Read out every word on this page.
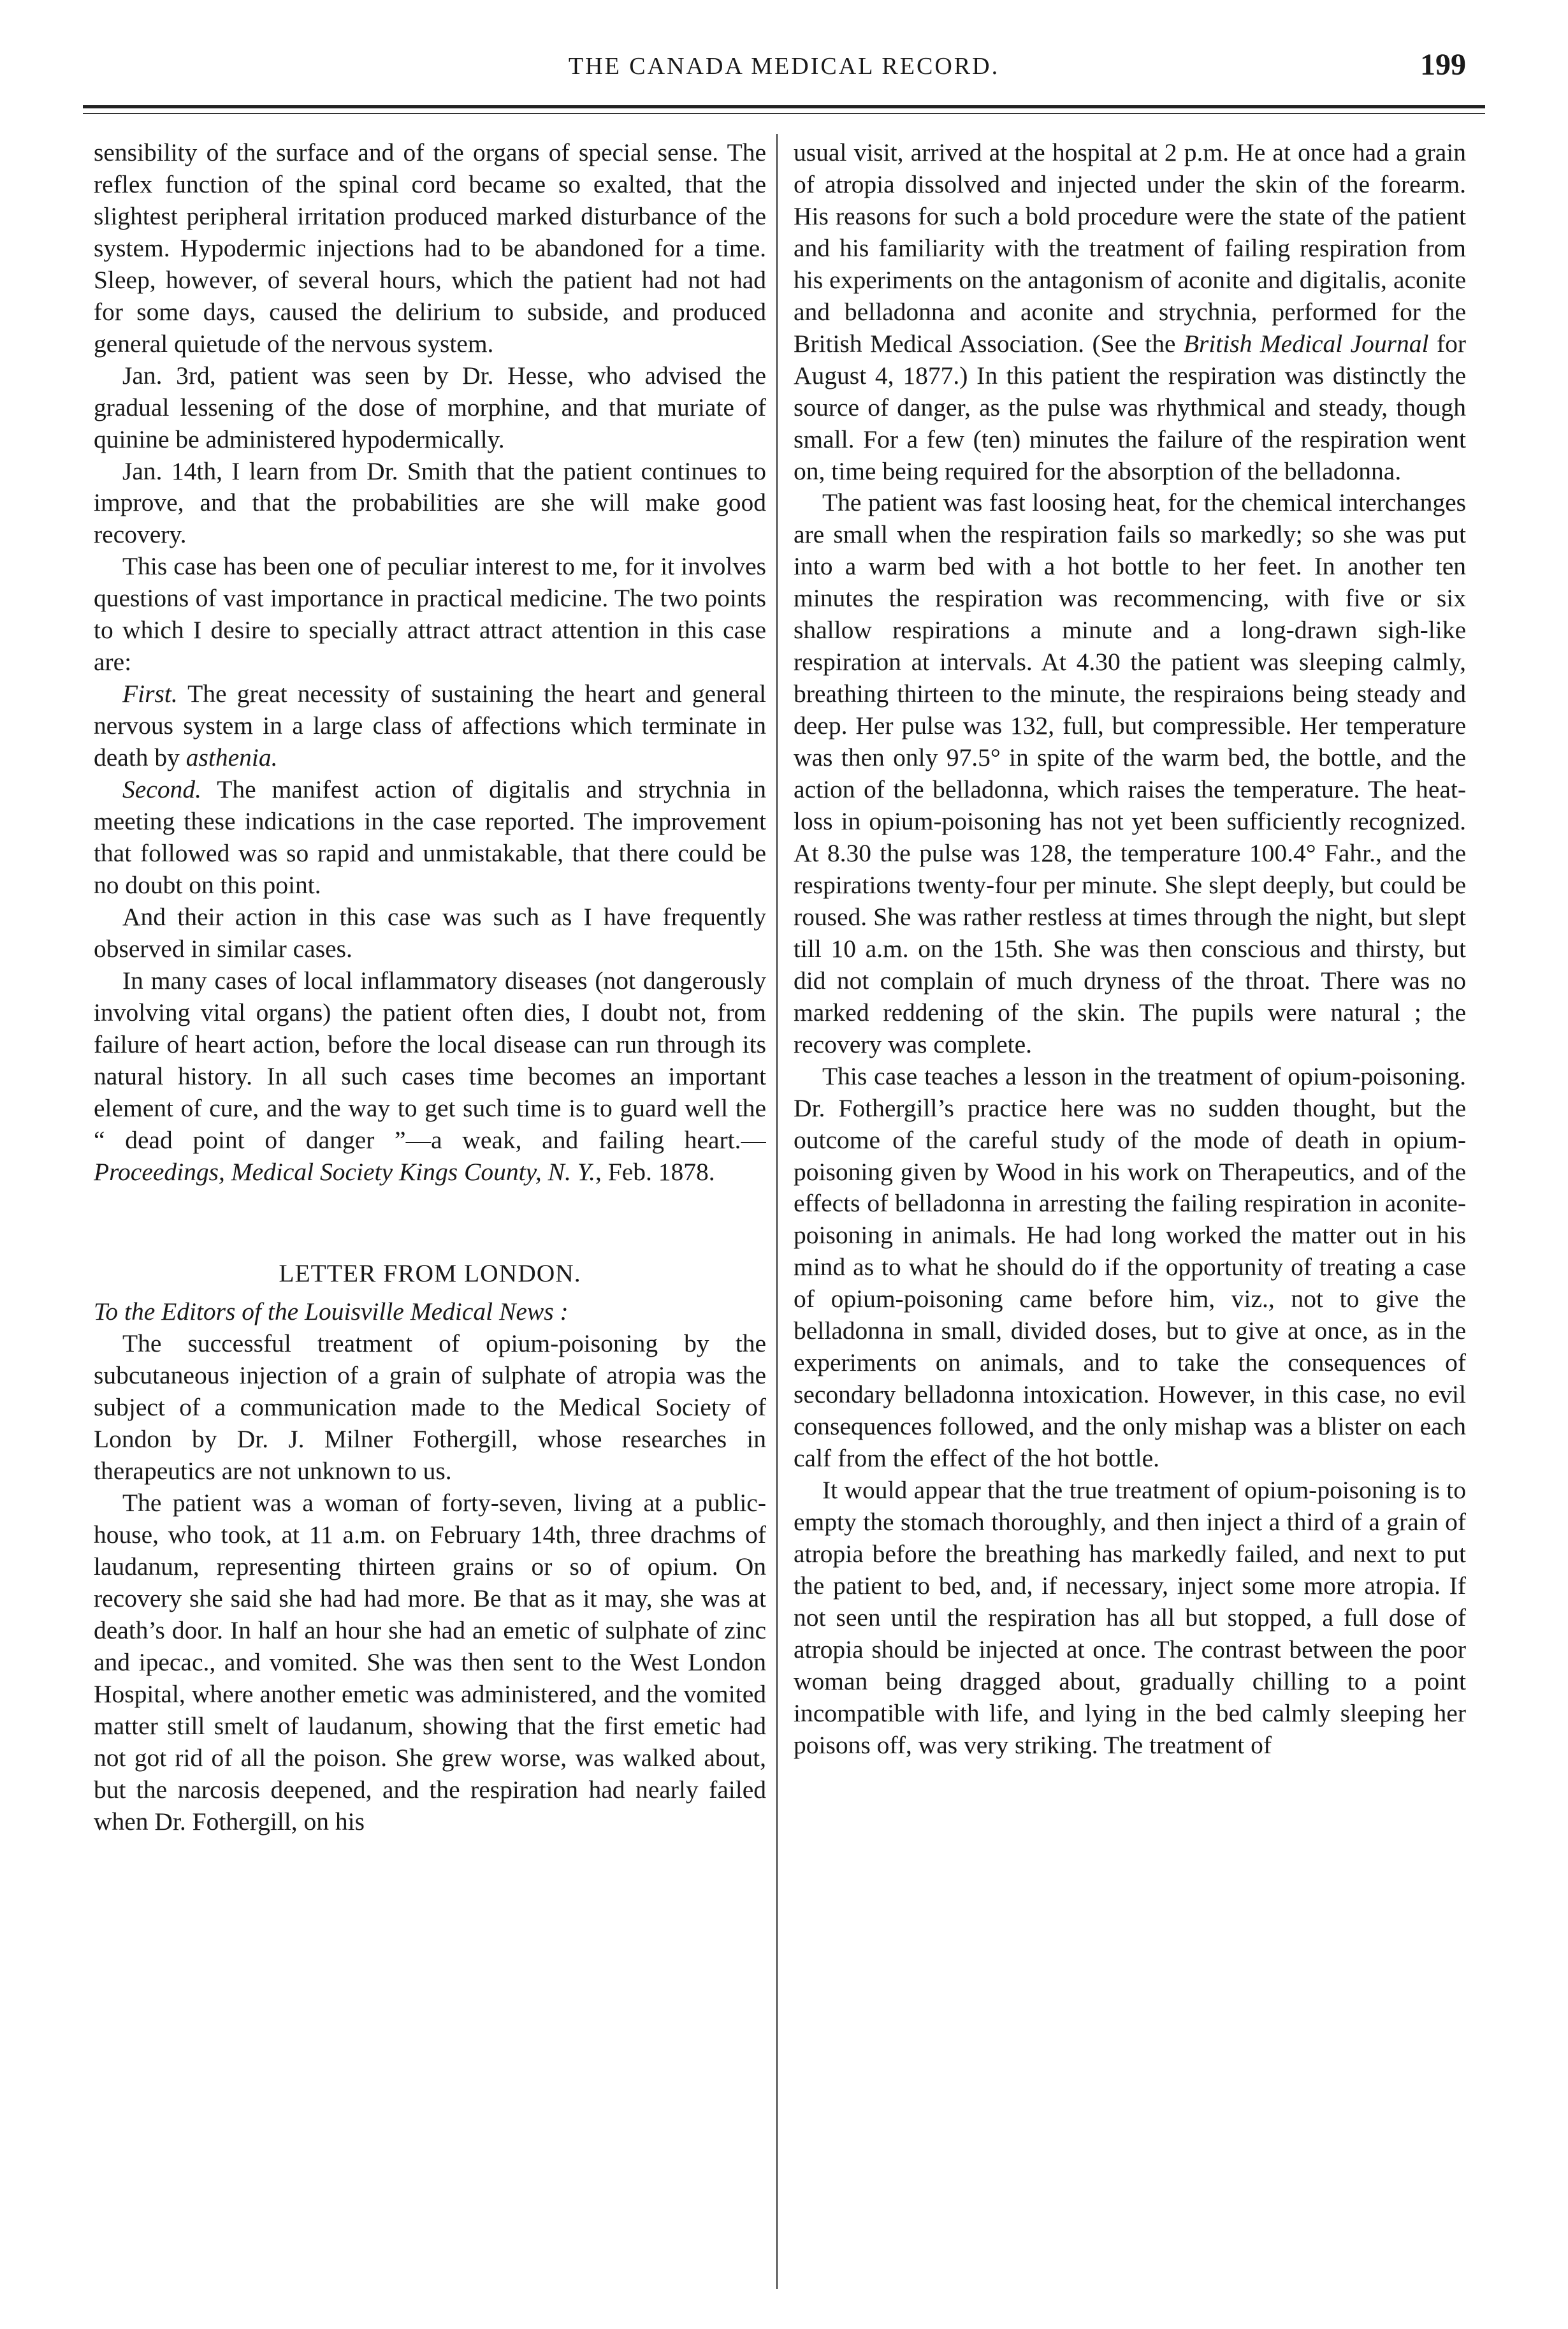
THE CANADA MEDICAL RECORD.	199

sensibility of the surface and of the organs of special sense. The reflex function of the spinal cord became so exalted, that the slightest peripheral irritation produced marked disturbance of the system. Hypodermic injections had to be abandoned for a time. Sleep, however, of several hours, which the patient had not had for some days, caused the delirium to subside, and produced general quietude of the nervous system.

Jan. 3rd, patient was seen by Dr. Hesse, who advised the gradual lessening of the dose of morphine, and that muriate of quinine be administered hypodermically.

Jan. 14th, I learn from Dr. Smith that the patient continues to improve, and that the probabilities are she will make good recovery.

This case has been one of peculiar interest to me, for it involves questions of vast importance in practical medicine. The two points to which I desire to specially attract attract attention in this case are:

First. The great necessity of sustaining the heart and general nervous system in a large class of affections which terminate in death by asthenia.

Second. The manifest action of digitalis and strychnia in meeting these indications in the case reported. The improvement that followed was so rapid and unmistakable, that there could be no doubt on this point.

And their action in this case was such as I have frequently observed in similar cases.

In many cases of local inflammatory diseases (not dangerously involving vital organs) the patient often dies, I doubt not, from failure of heart action, before the local disease can run through its natural history. In all such cases time becomes an important element of cure, and the way to get such time is to guard well the “ dead point of danger ”—a weak, and failing heart.—Proceedings, Medical Society Kings County, N. Y., Feb. 1878.

LETTER FROM LONDON.

To the Editors of the Louisville Medical News :

The successful treatment of opium-poisoning by the subcutaneous injection of a grain of sulphate of atropia was the subject of a communication made to the Medical Society of London by Dr. J. Milner Fothergill, whose researches in therapeutics are not unknown to us.

The patient was a woman of forty-seven, living at a public-house, who took, at 11 a.m. on February 14th, three drachms of laudanum, representing thirteen grains or so of opium. On recovery she said she had had more. Be that as it may, she was at death’s door. In half an hour she had an emetic of sulphate of zinc and ipecac., and vomited. She was then sent to the West London Hospital, where another emetic was administered, and the vomited matter still smelt of laudanum, showing that the first emetic had not got rid of all the poison. She grew worse, was walked about, but the narcosis deepened, and the respiration had nearly failed when Dr. Fothergill, on his

usual visit, arrived at the hospital at 2 p.m. He at once had a grain of atropia dissolved and injected under the skin of the forearm. His reasons for such a bold procedure were the state of the patient and his familiarity with the treatment of failing respiration from his experiments on the antagonism of aconite and digitalis, aconite and belladonna and aconite and strychnia, performed for the British Medical Association. (See the British Medical Journal for August 4, 1877.) In this patient the respiration was distinctly the source of danger, as the pulse was rhythmical and steady, though small. For a few (ten) minutes the failure of the respiration went on, time being required for the absorption of the belladonna.

The patient was fast loosing heat, for the chemical interchanges are small when the respiration fails so markedly; so she was put into a warm bed with a hot bottle to her feet. In another ten minutes the respiration was recommencing, with five or six shallow respirations a minute and a long-drawn sigh-like respiration at intervals. At 4.30 the patient was sleeping calmly, breathing thirteen to the minute, the respiraions being steady and deep. Her pulse was 132, full, but compressible. Her temperature was then only 97.5° in spite of the warm bed, the bottle, and the action of the belladonna, which raises the temperature. The heat-loss in opium-poisoning has not yet been sufficiently recognized. At 8.30 the pulse was 128, the temperature 100.4° Fahr., and the respirations twenty-four per minute. She slept deeply, but could be roused. She was rather restless at times through the night, but slept till 10 a.m. on the 15th. She was then conscious and thirsty, but did not complain of much dryness of the throat. There was no marked reddening of the skin. The pupils were natural ; the recovery was complete.

This case teaches a lesson in the treatment of opium-poisoning. Dr. Fothergill’s practice here was no sudden thought, but the outcome of the careful study of the mode of death in opium-poisoning given by Wood in his work on Therapeutics, and of the effects of belladonna in arresting the failing respiration in aconite-poisoning in animals. He had long worked the matter out in his mind as to what he should do if the opportunity of treating a case of opium-poisoning came before him, viz., not to give the belladonna in small, divided doses, but to give at once, as in the experiments on animals, and to take the consequences of secondary belladonna intoxication. However, in this case, no evil consequences followed, and the only mishap was a blister on each calf from the effect of the hot bottle.

It would appear that the true treatment of opium-poisoning is to empty the stomach thoroughly, and then inject a third of a grain of atropia before the breathing has markedly failed, and next to put the patient to bed, and, if necessary, inject some more atropia. If not seen until the respiration has all but stopped, a full dose of atropia should be injected at once. The contrast between the poor woman being dragged about, gradually chilling to a point incompatible with life, and lying in the bed calmly sleeping her poisons off, was very striking. The treatment of
